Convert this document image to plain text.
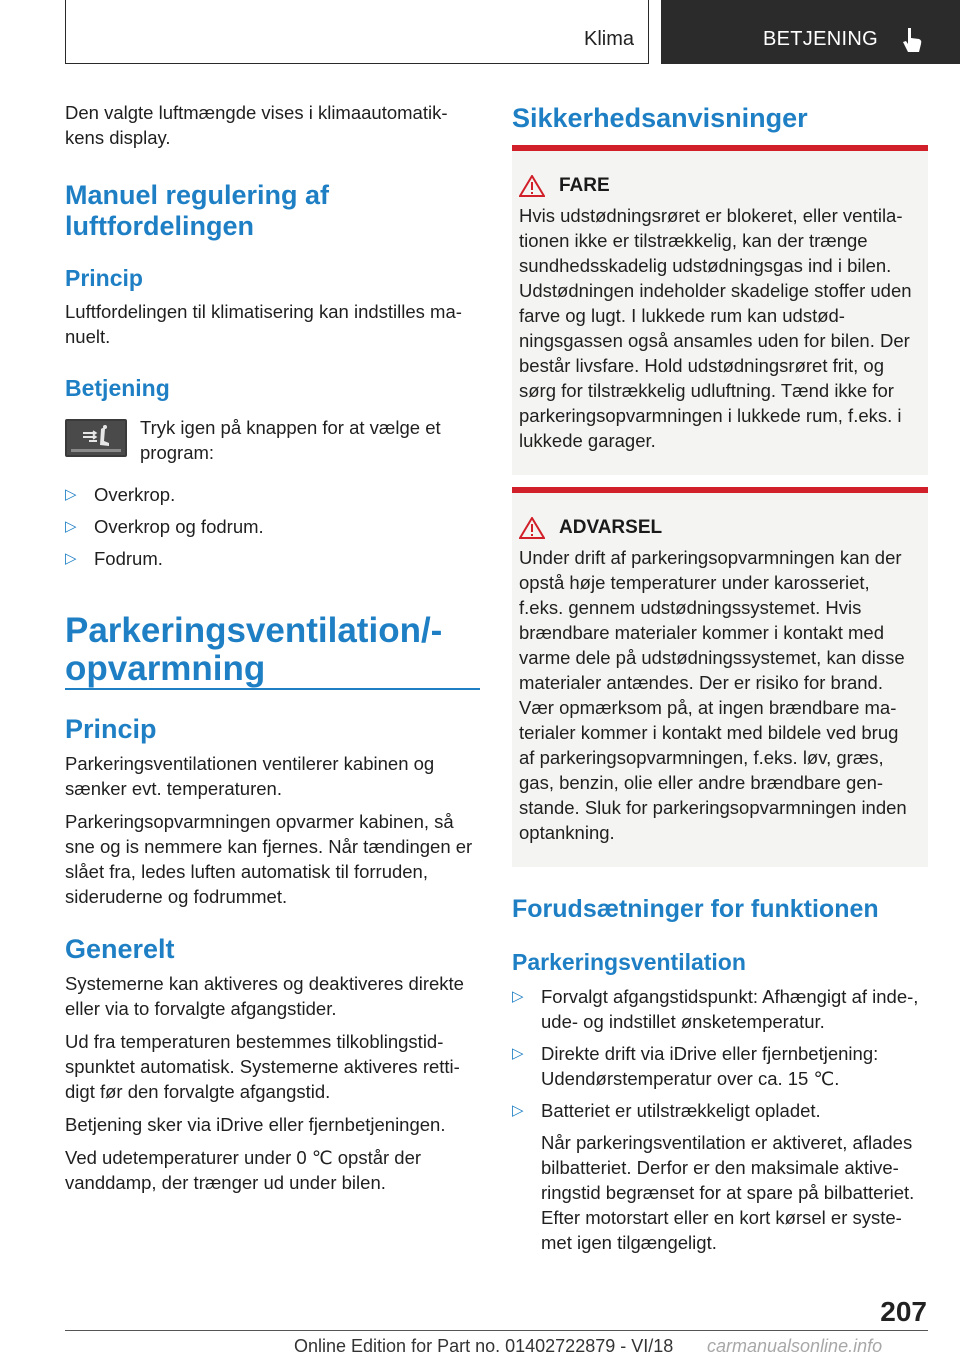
Klima	BETJENING

Den valgte luftmængde vises i klimaautomatik-kens display.

Manuel regulering af
luftfordelingen
Princip
Luftfordelingen til klimatisering kan indstilles ma-nuelt.
Betjening
Tryk igen på knappen for at vælge et program:
▷ Overkrop.
▷ Overkrop og fodrum.
▷ Fodrum.
Parkeringsventilation/-
opvarmning
Princip

Parkeringsventilationen ventilerer kabinen og sænker evt. temperaturen.

Parkeringsopvarmningen opvarmer kabinen, så sne og is nemmere kan fjernes. Når tændingen er slået fra, ledes luften automatisk til forruden, sideruderne og fodrummet.

Generelt

Systemerne kan aktiveres og deaktiveres direkte eller via to forvalgte afgangstider.

Ud fra temperaturen bestemmes tilkoblingstid-spunktet automatisk. Systemerne aktiveres retti-digt før den forvalgte afgangstid.

Betjening sker via iDrive eller fjernbetjeningen.

Ved udetemperaturer under 0 ℃ opstår der vanddamp, der trænger ud under bilen.

Sikkerhedsanvisninger
FARE
Hvis udstødningsrøret er blokeret, eller ventila-tionen ikke er tilstrækkelig, kan der trænge sundhedsskadelig udstødningsgas ind i bilen. Udstødningen indeholder skadelige stoffer uden farve og lugt. I lukkede rum kan udstød-ningsgassen også ansamles uden for bilen. Der består livsfare. Hold udstødningsrøret frit, og sørg for tilstrækkelig udluftning. Tænd ikke for parkeringsopvarmningen i lukkede rum, f.eks. i lukkede garager.
ADVARSEL
Under drift af parkeringsopvarmningen kan der opstå høje temperaturer under karosseriet, f.eks. gennem udstødningssystemet. Hvis brændbare materialer kommer i kontakt med varme dele på udstødningssystemet, kan disse materialer antændes. Der er risiko for brand. Vær opmærksom på, at ingen brændbare ma-terialer kommer i kontakt med bildele ved brug af parkeringsopvarmningen, f.eks. løv, græs, gas, benzin, olie eller andre brændbare gen-stande. Sluk for parkeringsopvarmningen inden optankning.
Forudsætninger for funktionen
Parkeringsventilation
▷ Forvalgt afgangstidspunkt: Afhængigt af inde-, ude- og indstillet ønsketemperatur.
▷ Direkte drift via iDrive eller fjernbetjening: Udendørstemperatur over ca. 15 ℃.
▷ Batteriet er utilstrækkeligt opladet.
Når parkeringsventilation er aktiveret, aflades bilbatteriet. Derfor er den maksimale aktive-ringstid begrænset for at spare på bilbatteriet. Efter motorstart eller en kort kørsel er syste-met igen tilgængeligt.
207
Online Edition for Part no. 01402722879 - VI/18 carmanualsonline.info
